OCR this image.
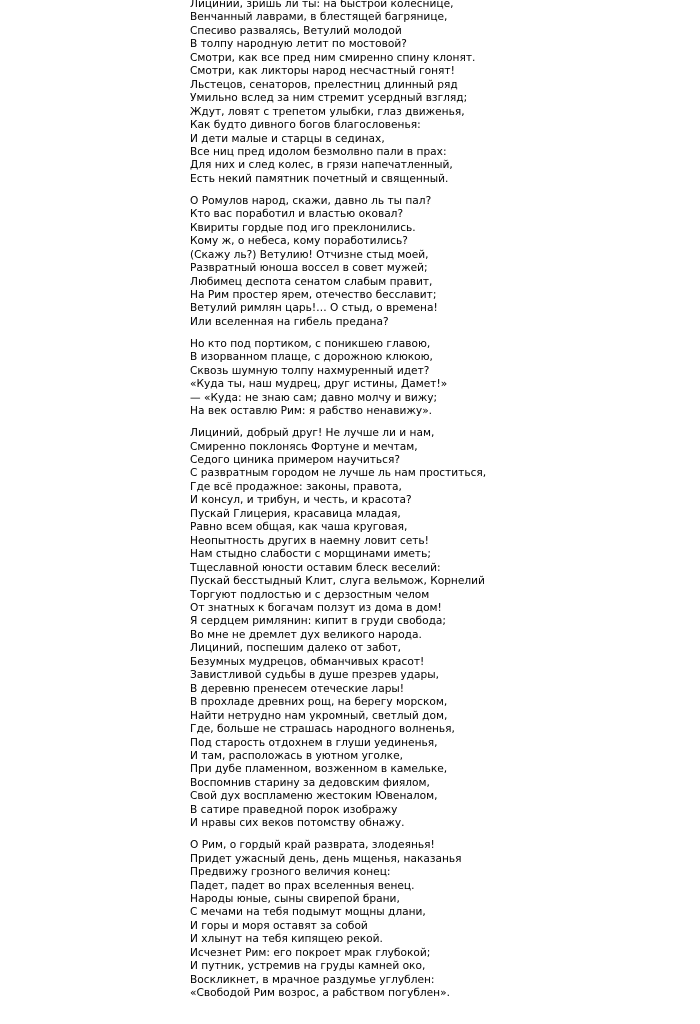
Лициний, зришь ли ты: на быстрой колеснице,
Венчанный лаврами, в блестящей багрянице,
Спесиво развалясь, Ветулий молодой
В толпу народную летит по мостовой?
Смотри, как все пред ним смиренно спину клонят.
Смотри, как ликторы народ несчастный гонят!
Льстецов, сенаторов, прелестниц длинный ряд
Умильно вслед за ним стремит усердный взгляд;
Ждут, ловят с трепетом улыбки, глаз движенья,
Как будто дивного богов благословенья:
И дети малые и старцы в сединах,
Все ниц пред идолом безмолвно пали в прах:
Для них и след колес, в грязи напечатленный,
Есть некий памятник почетный и священный.
О Ромулов народ, скажи, давно ль ты пал?
Кто вас поработил и властью оковал?
Квириты гордые под иго преклонились.
Кому ж, о небеса, кому поработились?
(Скажу ль?) Ветулию! Отчизне стыд моей,
Развратный юноша воссел в совет мужей;
Любимец деспота сенатом слабым правит,
На Рим простер ярем, отечество бесславит;
Ветулий римлян царь!… О стыд, о времена!
Или вселенная на гибель предана?
Но кто под портиком, с поникшею главою,
В изорванном плаще, с дорожною клюкою,
Сквозь шумную толпу нахмуренный идет?
«Куда ты, наш мудрец, друг истины, Дамет!»
— «Куда: не знаю сам; давно молчу и вижу;
На век оставлю Рим: я рабство ненавижу».
Лициний, добрый друг! Не лучше ли и нам,
Смиренно поклонясь Фортуне и мечтам,
Седого циника примером научиться?
С развратным городом не лучше ль нам проститься,
Где всё продажное: законы, правота,
И консул, и трибун, и честь, и красота?
Пускай Глицерия, красавица младая,
Равно всем общая, как чаша круговая,
Неопытность других в наемну ловит сеть!
Нам стыдно слабости с морщинами иметь;
Тщеславной юности оставим блеск веселий:
Пускай бесстыдный Клит, слуга вельмож, Корнелий
Торгуют подлостью и с дерзостным челом
От знатных к богачам ползут из дома в дом!
Я сердцем римлянин: кипит в груди свобода;
Во мне не дремлет дух великого народа.
Лициний, поспешим далеко от забот,
Безумных мудрецов, обманчивых красот!
Завистливой судьбы в душе презрев удары,
В деревню пренесем отеческие лары!
В прохладе древних рощ, на берегу морском,
Найти нетрудно нам укромный, светлый дом,
Где, больше не страшась народного волненья,
Под старость отдохнем в глуши уединенья,
И там, расположась в уютном уголке,
При дубе пламенном, возженном в камельке,
Воспомнив старину за дедовским фиялом,
Свой дух воспламеню жестоким Ювеналом,
В сатире праведной порок изображу
И нравы сих веков потомству обнажу.
О Рим, о гордый край разврата, злодеянья!
Придет ужасный день, день мщенья, наказанья
Предвижу грозного величия конец:
Падет, падет во прах вселенныя венец.
Народы юные, сыны свирепой брани,
С мечами на тебя подымут мощны длани,
И горы и моря оставят за собой
И хлынут на тебя кипящею рекой.
Исчезнет Рим: его покроет мрак глубокой;
И путник, устремив на груды камней око,
Воскликнет, в мрачное раздумье углублен:
«Свободой Рим возрос, а рабством погублен».
